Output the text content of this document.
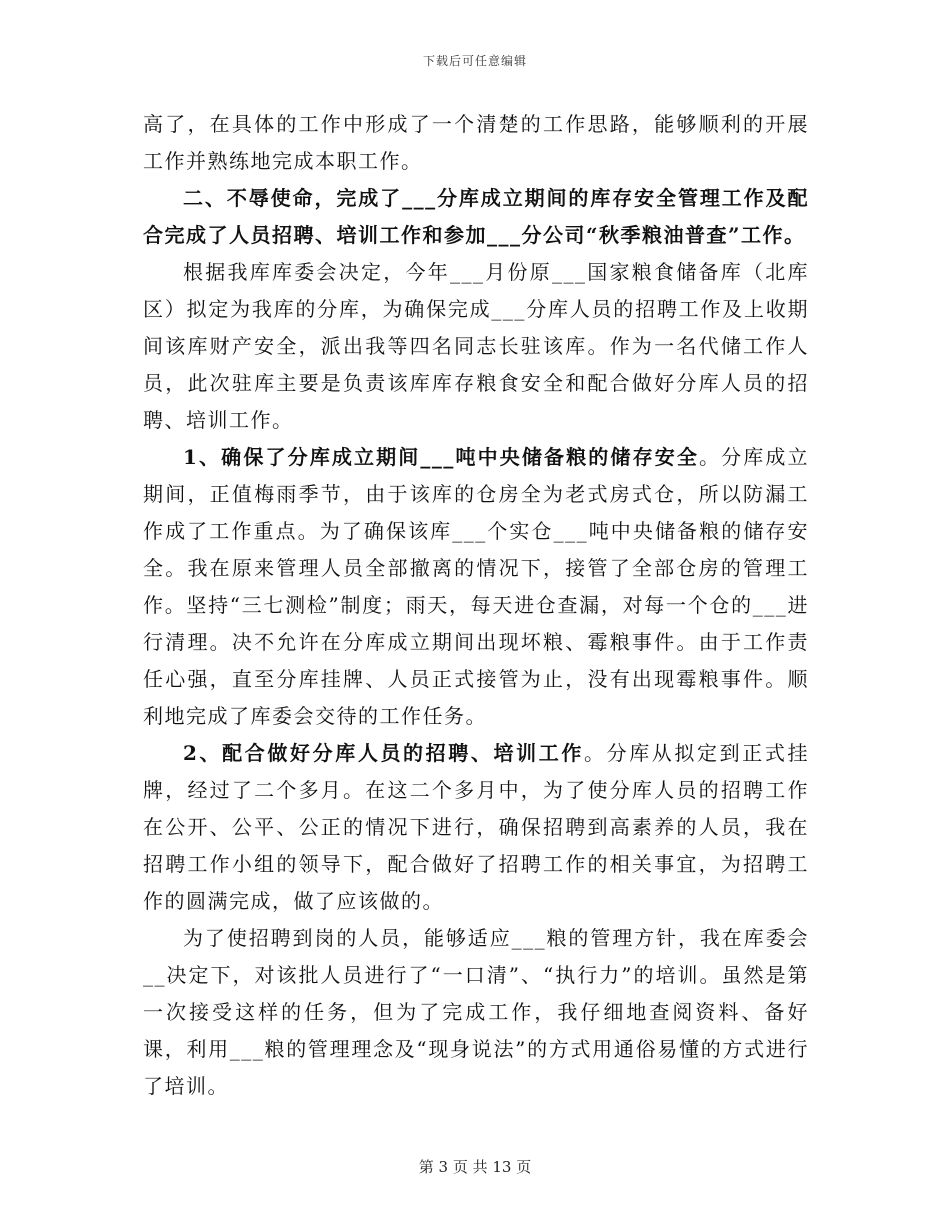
下载后可任意编辑

高了，在具体的工作中形成了一个清楚的工作思路，能够顺利的开展工作并熟练地完成本职工作。

二、不辱使命，完成了___分库成立期间的库存安全管理工作及配合完成了人员招聘、培训工作和参加___分公司“秋季粮油普查”工作。

根据我库库委会决定，今年___月份原___国家粮食储备库（北库区）拟定为我库的分库，为确保完成___分库人员的招聘工作及上收期间该库财产安全，派出我等四名同志长驻该库。作为一名代储工作人员，此次驻库主要是负责该库库存粮食安全和配合做好分库人员的招聘、培训工作。

1、确保了分库成立期间___吨中央储备粮的储存安全。分库成立期间，正值梅雨季节，由于该库的仓房全为老式房式仓，所以防漏工作成了工作重点。为了确保该库___个实仓___吨中央储备粮的储存安全。我在原来管理人员全部撤离的情况下，接管了全部仓房的管理工作。坚持“三七测检”制度；雨天，每天进仓查漏，对每一个仓的___进行清理。决不允许在分库成立期间出现坏粮、霉粮事件。由于工作责任心强，直至分库挂牌、人员正式接管为止，没有出现霉粮事件。顺利地完成了库委会交待的工作任务。

2、配合做好分库人员的招聘、培训工作。分库从拟定到正式挂牌，经过了二个多月。在这二个多月中，为了使分库人员的招聘工作在公开、公平、公正的情况下进行，确保招聘到高素养的人员，我在招聘工作小组的领导下，配合做好了招聘工作的相关事宜，为招聘工作的圆满完成，做了应该做的。

为了使招聘到岗的人员，能够适应___粮的管理方针，我在库委会__决定下，对该批人员进行了“一口清”、“执行力”的培训。虽然是第一次接受这样的任务，但为了完成工作，我仔细地查阅资料、备好课，利用___粮的管理理念及“现身说法”的方式用通俗易懂的方式进行了培训。

第 3 页 共 13 页
